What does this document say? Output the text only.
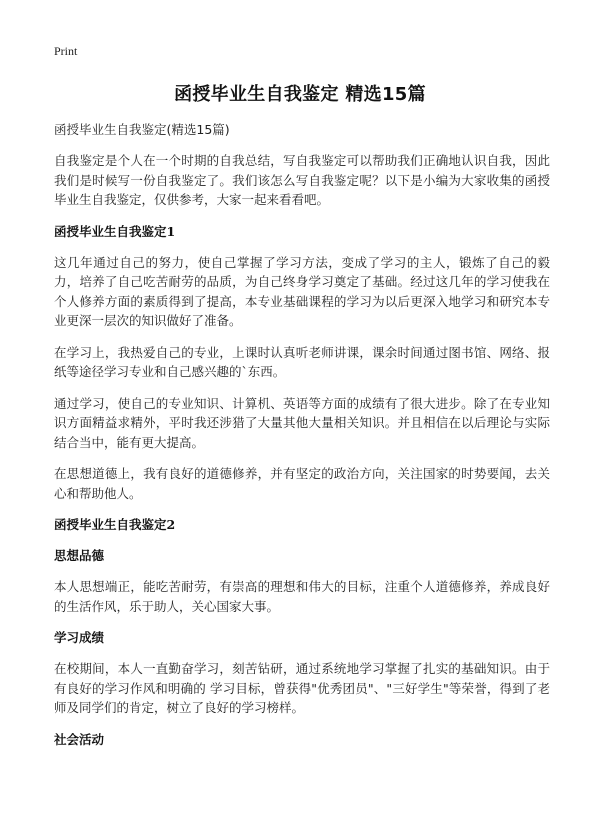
Print
函授毕业生自我鉴定 精选15篇

函授毕业生自我鉴定(精选15篇)

自我鉴定是个人在一个时期的自我总结，写自我鉴定可以帮助我们正确地认识自我，因此我们是时候写一份自我鉴定了。我们该怎么写自我鉴定呢？以下是小编为大家收集的函授毕业生自我鉴定，仅供参考，大家一起来看看吧。

函授毕业生自我鉴定1

这几年通过自己的努力，使自己掌握了学习方法，变成了学习的主人，锻炼了自己的毅力，培养了自己吃苦耐劳的品质，为自己终身学习奠定了基础。经过这几年的学习使我在个人修养方面的素质得到了提高，本专业基础课程的学习为以后更深入地学习和研究本专业更深一层次的知识做好了准备。

在学习上，我热爱自己的专业，上课时认真听老师讲课，课余时间通过图书馆、网络、报纸等途径学习专业和自己感兴趣的`东西。

通过学习，使自己的专业知识、计算机、英语等方面的成绩有了很大进步。除了在专业知识方面精益求精外，平时我还涉猎了大量其他大量相关知识。并且相信在以后理论与实际结合当中，能有更大提高。

在思想道德上，我有良好的道德修养，并有坚定的政治方向，关注国家的时势要闻，去关心和帮助他人。

函授毕业生自我鉴定2

思想品德

本人思想端正，能吃苦耐劳，有崇高的理想和伟大的目标，注重个人道德修养，养成良好的生活作风，乐于助人，关心国家大事。

学习成绩

在校期间，本人一直勤奋学习，刻苦钻研，通过系统地学习掌握了扎实的基础知识。由于有良好的学习作风和明确的 学习目标，曾获得"优秀团员"、"三好学生"等荣誉，得到了老师及同学们的肯定，树立了良好的学习榜样。

社会活动
